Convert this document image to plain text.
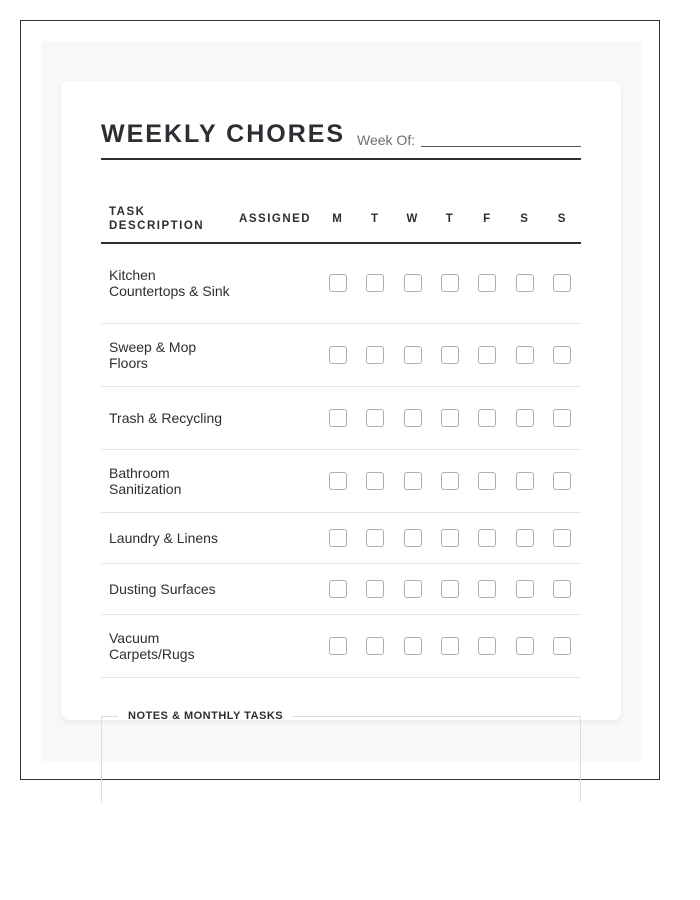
WEEKLY CHORES Week Of:
TASK DESCRIPTION	ASSIGNED	M	T	W	T	F	S	S
Kitchen Countertops & Sink								
Sweep & Mop Floors								
Trash & Recycling								
Bathroom Sanitization								
Laundry & Linens								
Dusting Surfaces								
Vacuum Carpets/Rugs								
NOTES & MONTHLY TASKS
